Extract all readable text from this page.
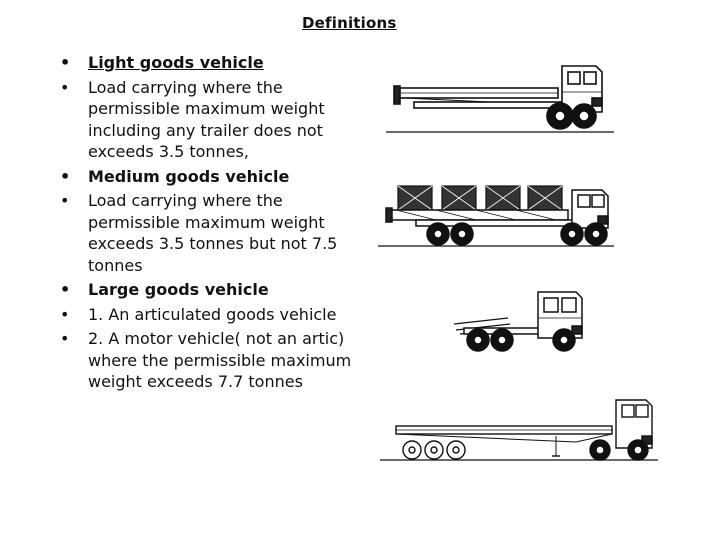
Definitions
• Light goods vehicle
• Load carrying where the permissible maximum weight including any trailer does not exceeds 3.5 tonnes,
• Medium goods vehicle
• Load carrying where the permissible maximum weight exceeds 3.5 tonnes but not 7.5 tonnes
• Large goods vehicle
• 1. An articulated goods vehicle
• 2. A motor vehicle( not an artic) where the permissible maximum weight exceeds 7.7 tonnes
